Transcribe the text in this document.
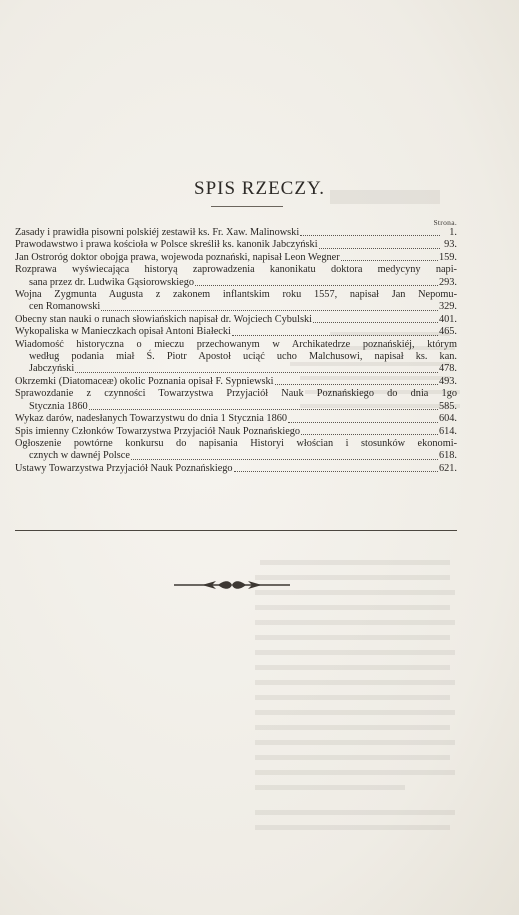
SPIS RZECZY.
Strona.
Zasady i prawidła pisowni polskiéj zestawił ks. Fr. Xaw. Malinowski	1.
Prawodawstwo i prawa kościoła w Polsce skreślił ks. kanonik Jabczyński	93.
Jan Ostroróg doktor obojga prawa, wojewoda poznański, napisał Leon Wegner	159.
Rozprawa wyświecająca historyą zaprowadzenia kanonikatu doktora medycyny napi-
sana przez dr. Ludwika Gąsiorowskiego	293.
Wojna Zygmunta Augusta z zakonem inflantskim roku 1557, napisał Jan Nepomu-
cen Romanowski	329.
Obecny stan nauki o runach słowiańskich napisał dr. Wojciech Cybulski	401.
Wykopaliska w Manieczkach opisał Antoni Białecki	465.
Wiadomość historyczna o mieczu przechowanym w Archikatedrze poznańskiéj, którym
według podania miał Ś. Piotr Apostoł uciąć ucho Malchusowi, napisał ks. kan.
Jabczyński	478.
Okrzemki (Diatomaceæ) okolic Poznania opisał F. Sypniewski	493.
Sprawozdanie z czynności Towarzystwa Przyjaciół Nauk Poznańskiego do dnia 1go
Stycznia 1860	585.
Wykaz darów, nadesłanych Towarzystwu do dnia 1 Stycznia 1860	604.
Spis imienny Członków Towarzystwa Przyjaciół Nauk Poznańskiego	614.
Ogłoszenie powtórne konkursu do napisania Historyi włościan i stosunków ekonomi-
cznych w dawnéj Polsce	618.
Ustawy Towarzystwa Przyjaciół Nauk Poznańskiego	621.
